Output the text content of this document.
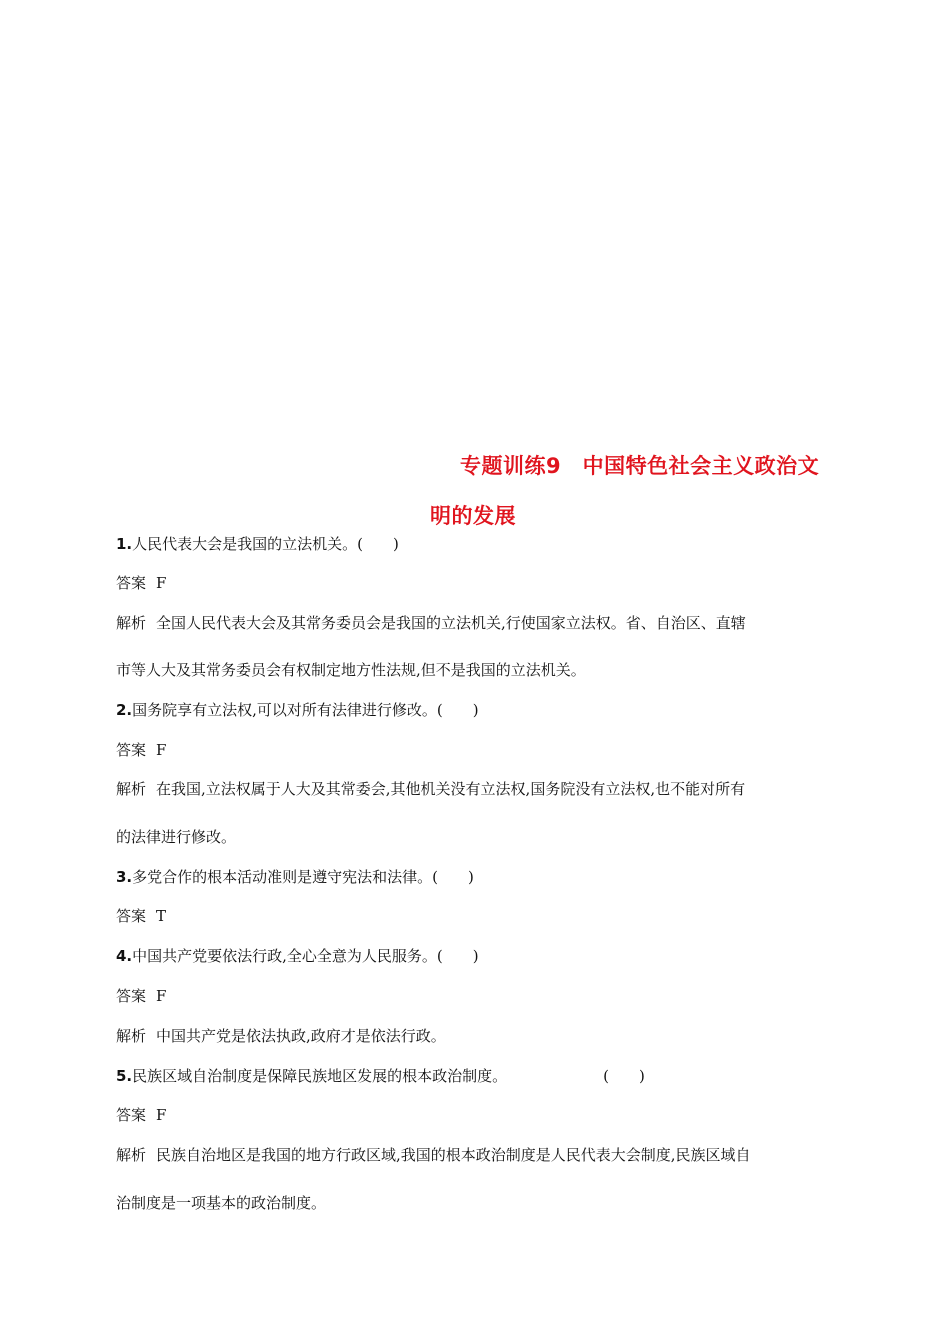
专题训练9　中国特色社会主义政治文
明的发展
1.人民代表大会是我国的立法机关。(　　)
答案 F
解析 全国人民代表大会及其常务委员会是我国的立法机关,行使国家立法权。省、自治区、直辖
市等人大及其常务委员会有权制定地方性法规,但不是我国的立法机关。
2.国务院享有立法权,可以对所有法律进行修改。(　　)
答案 F
解析 在我国,立法权属于人大及其常委会,其他机关没有立法权,国务院没有立法权,也不能对所有
的法律进行修改。
3.多党合作的根本活动准则是遵守宪法和法律。(　　)
答案 T
4.中国共产党要依法行政,全心全意为人民服务。(　　)
答案 F
解析 中国共产党是依法执政,政府才是依法行政。
5.民族区域自治制度是保障民族地区发展的根本政治制度。	(　　)
答案 F
解析 民族自治地区是我国的地方行政区域,我国的根本政治制度是人民代表大会制度,民族区域自
治制度是一项基本的政治制度。
